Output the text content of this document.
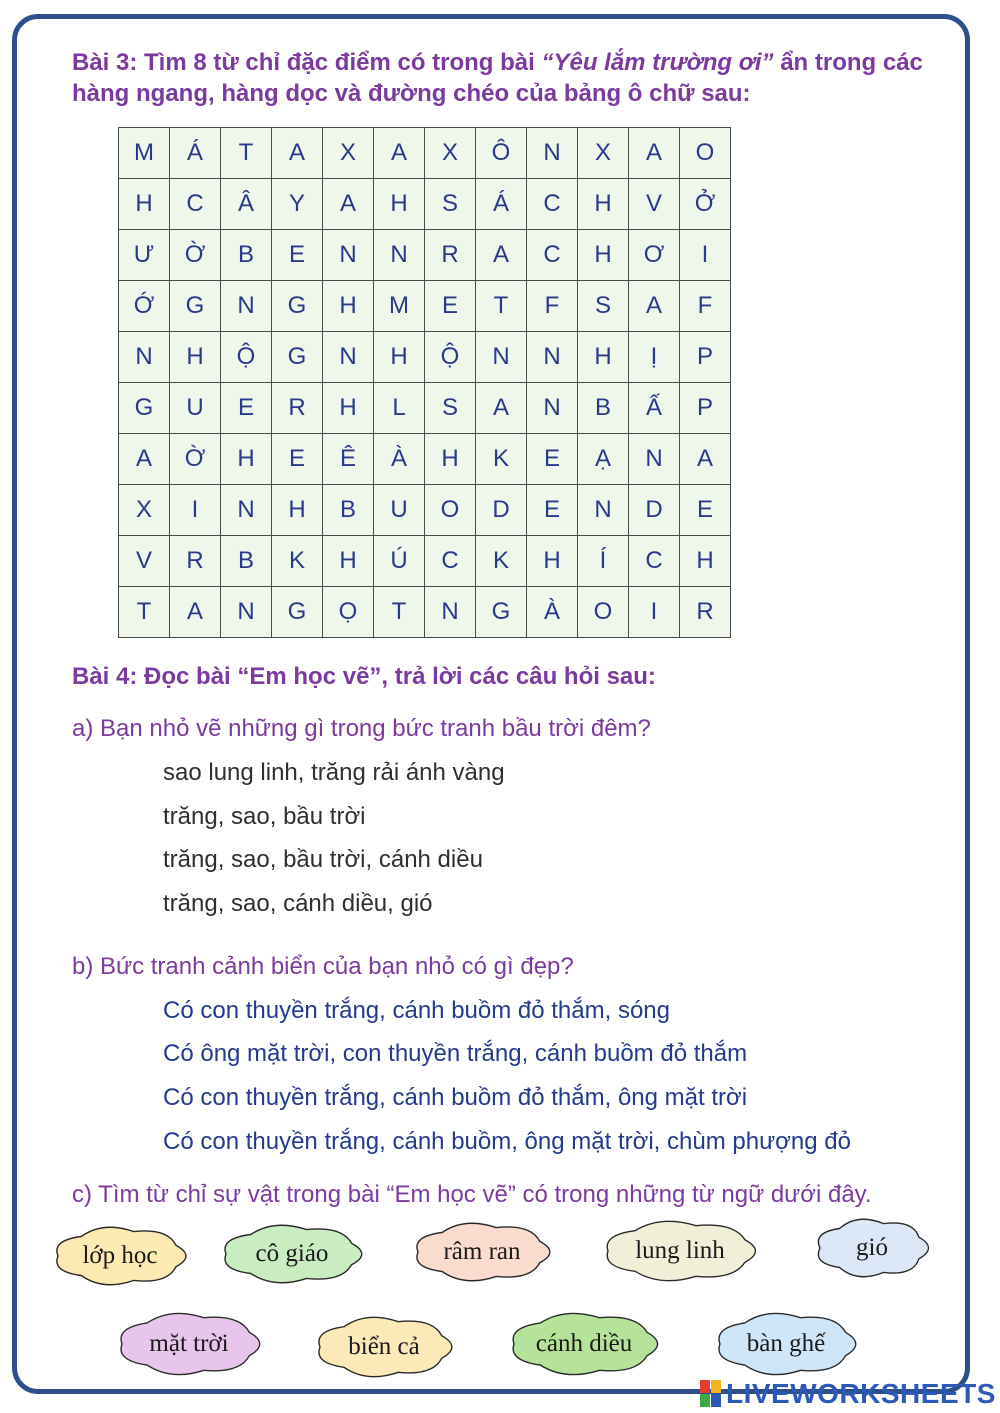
Bài 3: Tìm 8 từ chỉ đặc điểm có trong bài “Yêu lắm trường ơi” ẩn trong các hàng ngang, hàng dọc và đường chéo của bảng ô chữ sau:
M	Á	T	A	X	A	X	Ô	N	X	A	O
H	C	Â	Y	A	H	S	Á	C	H	V	Ở
Ư	Ờ	B	E	N	N	R	A	C	H	Ơ	I
Ớ	G	N	G	H	M	E	T	F	S	A	F
N	H	Ộ	G	N	H	Ộ	N	N	H	Ị	P
G	U	E	R	H	L	S	A	N	B	Ấ	P
A	Ờ	H	E	Ê	À	H	K	E	Ạ	N	A
X	I	N	H	B	U	O	D	E	N	D	E
V	R	B	K	H	Ú	C	K	H	Í	C	H
T	A	N	G	Ọ	T	N	G	À	O	I	R
Bài 4: Đọc bài “Em học vẽ”, trả lời các câu hỏi sau:
a) Bạn nhỏ vẽ những gì trong bức tranh bầu trời đêm?
sao lung linh, trăng rải ánh vàng
trăng, sao, bầu trời
trăng, sao, bầu trời, cánh diều
trăng, sao, cánh diều, gió
b) Bức tranh cảnh biển của bạn nhỏ có gì đẹp?
Có con thuyền trắng, cánh buồm đỏ thắm, sóng
Có ông mặt trời, con thuyền trắng, cánh buồm đỏ thắm
Có con thuyền trắng, cánh buồm đỏ thắm, ông mặt trời
Có con thuyền trắng, cánh buồm, ông mặt trời, chùm phượng đỏ
c) Tìm từ chỉ sự vật trong bài “Em học vẽ” có trong những từ ngữ dưới đây.
lớp học	cô giáo	râm ran	lung linh	gió
mặt trời	biển cả	cánh diều	bàn ghế
LIVEWORKSHEETS
